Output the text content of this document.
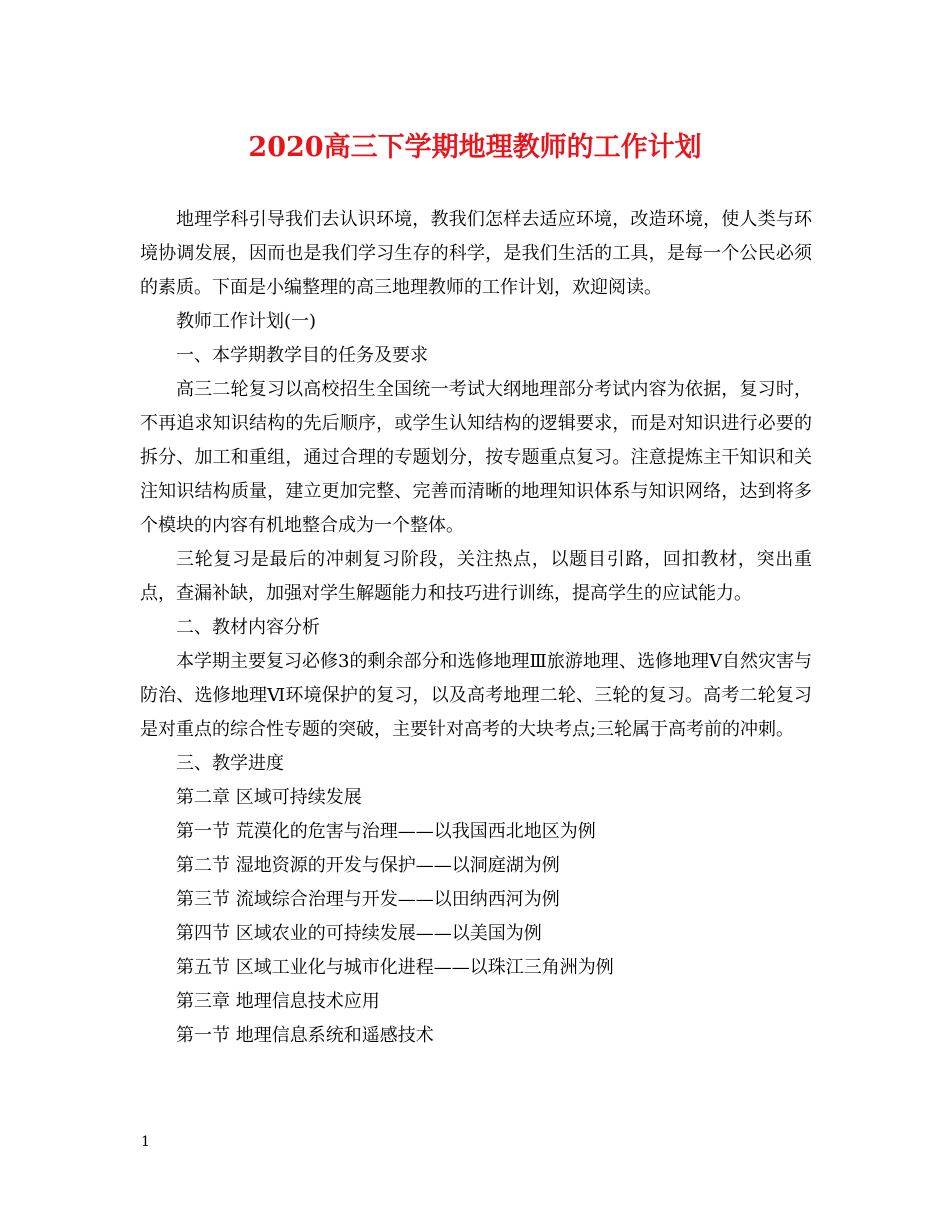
2020高三下学期地理教师的工作计划

地理学科引导我们去认识环境，教我们怎样去适应环境，改造环境，使人类与环境协调发展，因而也是我们学习生存的科学，是我们生活的工具，是每一个公民必须的素质。下面是小编整理的高三地理教师的工作计划，欢迎阅读。

教师工作计划(一)

一、本学期教学目的任务及要求

高三二轮复习以高校招生全国统一考试大纲地理部分考试内容为依据，复习时，不再追求知识结构的先后顺序，或学生认知结构的逻辑要求，而是对知识进行必要的拆分、加工和重组，通过合理的专题划分，按专题重点复习。注意提炼主干知识和关注知识结构质量，建立更加完整、完善而清晰的地理知识体系与知识网络，达到将多个模块的内容有机地整合成为一个整体。

三轮复习是最后的冲刺复习阶段，关注热点，以题目引路，回扣教材，突出重点，查漏补缺，加强对学生解题能力和技巧进行训练，提高学生的应试能力。

二、教材内容分析

本学期主要复习必修3的剩余部分和选修地理Ⅲ旅游地理、选修地理Ⅴ自然灾害与防治、选修地理Ⅵ环境保护的复习，以及高考地理二轮、三轮的复习。高考二轮复习是对重点的综合性专题的突破，主要针对高考的大块考点;三轮属于高考前的冲刺。

三、教学进度

第二章 区域可持续发展

第一节 荒漠化的危害与治理——以我国西北地区为例

第二节 湿地资源的开发与保护——以洞庭湖为例

第三节 流域综合治理与开发——以田纳西河为例

第四节 区域农业的可持续发展——以美国为例

第五节 区域工业化与城市化进程——以珠江三角洲为例

第三章 地理信息技术应用

第一节 地理信息系统和遥感技术

1
